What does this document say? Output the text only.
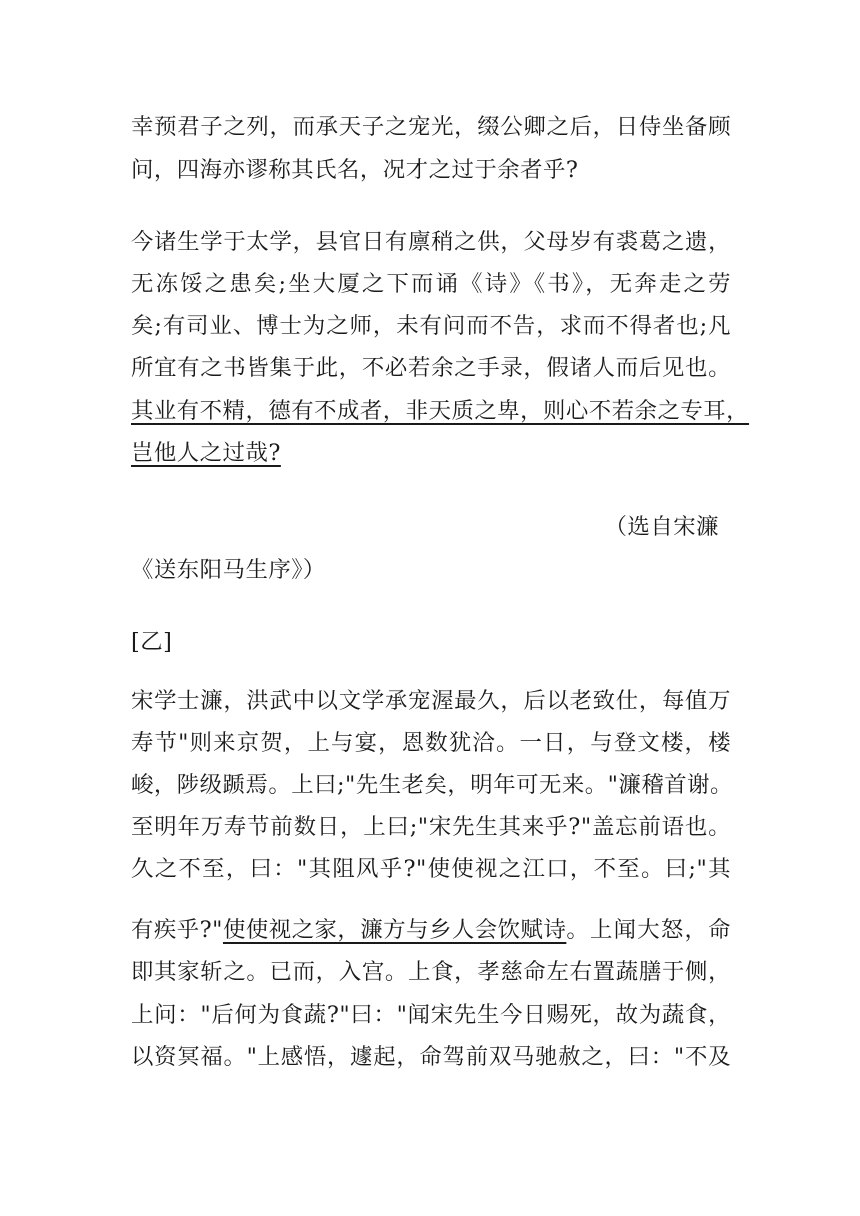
幸预君子之列，而承天子之宠光，缀公卿之后，日侍坐备顾
问，四海亦谬称其氏名，况才之过于余者乎?
今诸生学于太学，县官日有廪稍之供，父母岁有裘葛之遗，
无冻馁之患矣;坐大厦之下而诵《诗》《书》，无奔走之劳
矣;有司业、博士为之师，未有问而不告，求而不得者也;凡
所宜有之书皆集于此，不必若余之手录，假诸人而后见也。
其业有不精，德有不成者，非天质之卑，则心不若余之专耳，
岂他人之过哉?
（选自宋濂
《送东阳马生序》）
[乙]
宋学士濂，洪武中以文学承宠渥最久，后以老致仕，每值万
寿节"则来京贺，上与宴，恩数犹洽。一日，与登文楼，楼
峻，陟级踬焉。上曰;"先生老矣，明年可无来。"濂稽首谢。
至明年万寿节前数日，上曰;"宋先生其来乎?"盖忘前语也。
久之不至，曰："其阻风乎?"使使视之江口，不至。曰;"其
有疾乎?" 使使视之家，濂方与乡人会饮赋诗 。上闻大怒，命
即其家斩之。已而，入宫。上食，孝慈命左右置蔬膳于侧，
上问："后何为食蔬?"曰："闻宋先生今日赐死，故为蔬食，
以资冥福。"上感悟，遽起，命驾前双马驰赦之，曰："不及
